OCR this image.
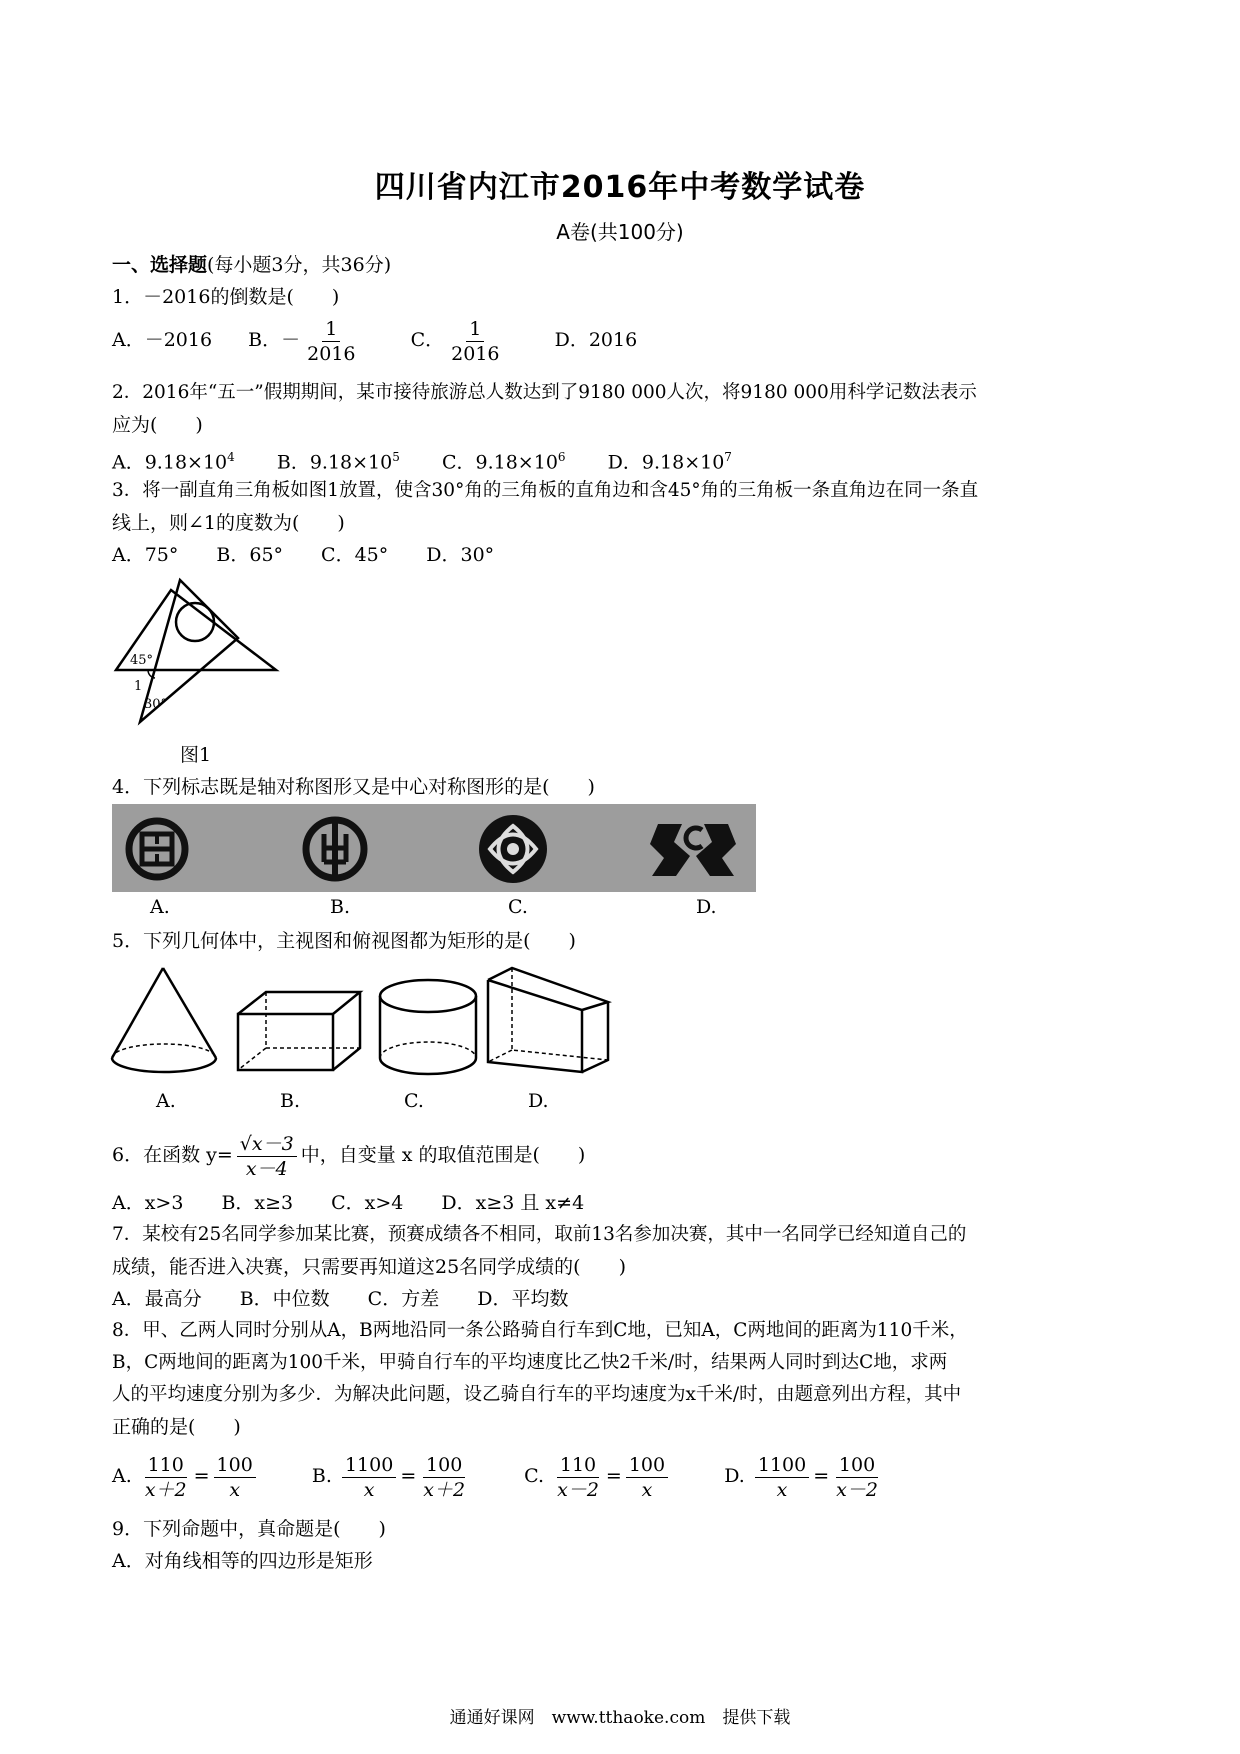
四川省内江市2016年中考数学试卷
A卷(共100分)
一、选择题(每小题3分，共36分)
1．－2016的倒数是(　　)
A．－2016 B．－ $\frac{1}{2016}$	C． $\frac{1}{2016}$	D．2016
2．2016年“五一”假期期间，某市接待旅游总人数达到了9180 000人次，将9180 000用科学记数法表示
应为(　　)
A．$9.18\times 10^4$ B．$9.18\times 10^5$ C．$9.18\times 10^6$ D．$9.18\times 10^7$
3．将一副直角三角板如图1放置，使含30°角的三角板的直角边和含45°角的三角板一条直角边在同一条直
线上，则∠1的度数为(　　)
A．75°　　B．65°　　C．45°　　D．30°
45°
1
30°
图1
4．下列标志既是轴对称图形又是中心对称图形的是(　　)
A.	B.	C.	D.
5．下列几何体中，主视图和俯视图都为矩形的是(　　)
A.	B.	C.	D.
6．在函数 $y= \frac{√x-3}{x-4}$ 中，自变量 x 的取值范围是(　　)
A．x>3　　B．x≥3　　C．x>4　　D．x≥3 且 x≠4
7．某校有25名同学参加某比赛，预赛成绩各不相同，取前13名参加决赛，其中一名同学已经知道自己的
成绩，能否进入决赛，只需要再知道这25名同学成绩的(　　)
A．最高分　　B．中位数　　C．方差　　D．平均数
8．甲、乙两人同时分别从A，B两地沿同一条公路骑自行车到C地，已知A，C两地间的距离为110千米，
B，C两地间的距离为100千米，甲骑自行车的平均速度比乙快2千米/时，结果两人同时到达C地，求两
人的平均速度分别为多少．为解决此问题，设乙骑自行车的平均速度为x千米/时，由题意列出方程，其中
正确的是(　　)
A. $\frac{110}{x+2} = \frac{100}{x}$	B. $\frac{1100}{x} = \frac{100}{x+2}$	C. $\frac{110}{x-2} = \frac{100}{x}$	D. $\frac{1100}{x} = \frac{100}{x-2}$
9．下列命题中，真命题是(　　)
A．对角线相等的四边形是矩形
通通好课网　www.tthaoke.com　提供下载
